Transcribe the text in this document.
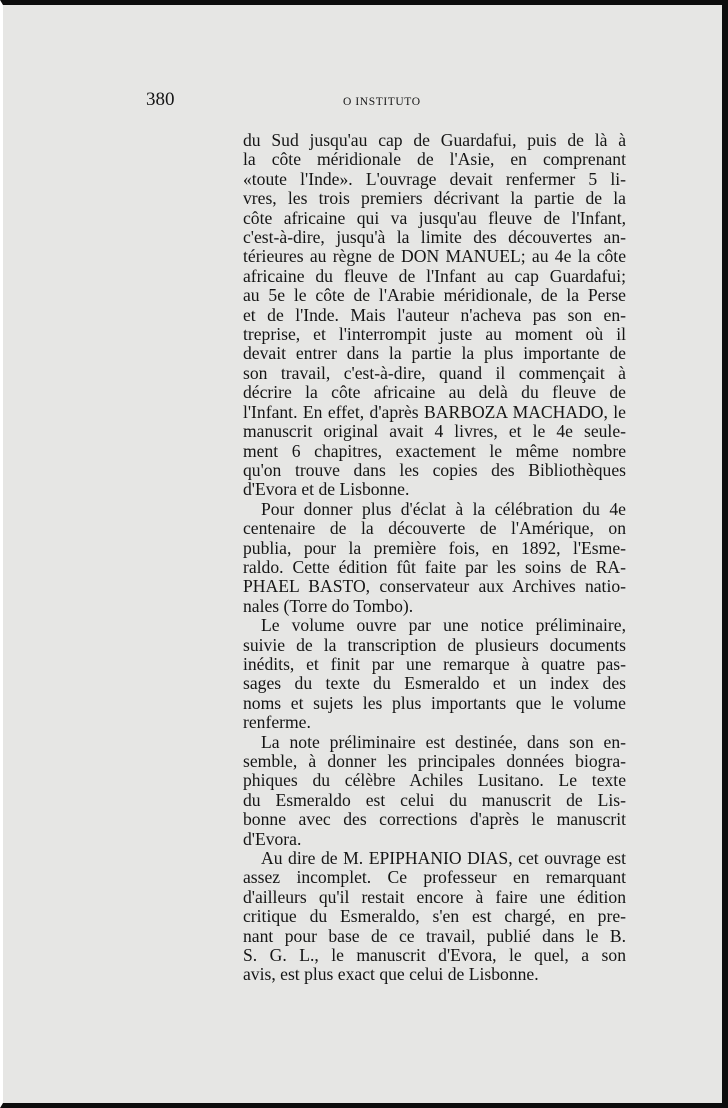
380	O INSTITUTO
du Sud jusqu'au cap de Guardafui, puis de là à
la côte méridionale de l'Asie, en comprenant
«toute l'Inde». L'ouvrage devait renfermer 5 li-
vres, les trois premiers décrivant la partie de la
côte africaine qui va jusqu'au fleuve de l'Infant,
c'est-à-dire, jusqu'à la limite des découvertes an-
térieures au règne de DON MANUEL; au 4e la côte
africaine du fleuve de l'Infant au cap Guardafui;
au 5e le côte de l'Arabie méridionale, de la Perse
et de l'Inde. Mais l'auteur n'acheva pas son en-
treprise, et l'interrompit juste au moment où il
devait entrer dans la partie la plus importante de
son travail, c'est-à-dire, quand il commençait à
décrire la côte africaine au delà du fleuve de
l'Infant. En effet, d'après BARBOZA MACHADO, le
manuscrit original avait 4 livres, et le 4e seule-
ment 6 chapitres, exactement le même nombre
qu'on trouve dans les copies des Bibliothèques
d'Evora et de Lisbonne.
Pour donner plus d'éclat à la célébration du 4e
centenaire de la découverte de l'Amérique, on
publia, pour la première fois, en 1892, l'Esme-
raldo. Cette édition fût faite par les soins de RA-
PHAEL BASTO, conservateur aux Archives natio-
nales (Torre do Tombo).
Le volume ouvre par une notice préliminaire,
suivie de la transcription de plusieurs documents
inédits, et finit par une remarque à quatre pas-
sages du texte du Esmeraldo et un index des
noms et sujets les plus importants que le volume
renferme.
La note préliminaire est destinée, dans son en-
semble, à donner les principales données biogra-
phiques du célèbre Achiles Lusitano. Le texte
du Esmeraldo est celui du manuscrit de Lis-
bonne avec des corrections d'après le manuscrit
d'Evora.
Au dire de M. EPIPHANIO DIAS, cet ouvrage est
assez incomplet. Ce professeur en remarquant
d'ailleurs qu'il restait encore à faire une édition
critique du Esmeraldo, s'en est chargé, en pre-
nant pour base de ce travail, publié dans le B.
S. G. L., le manuscrit d'Evora, le quel, a son
avis, est plus exact que celui de Lisbonne.
